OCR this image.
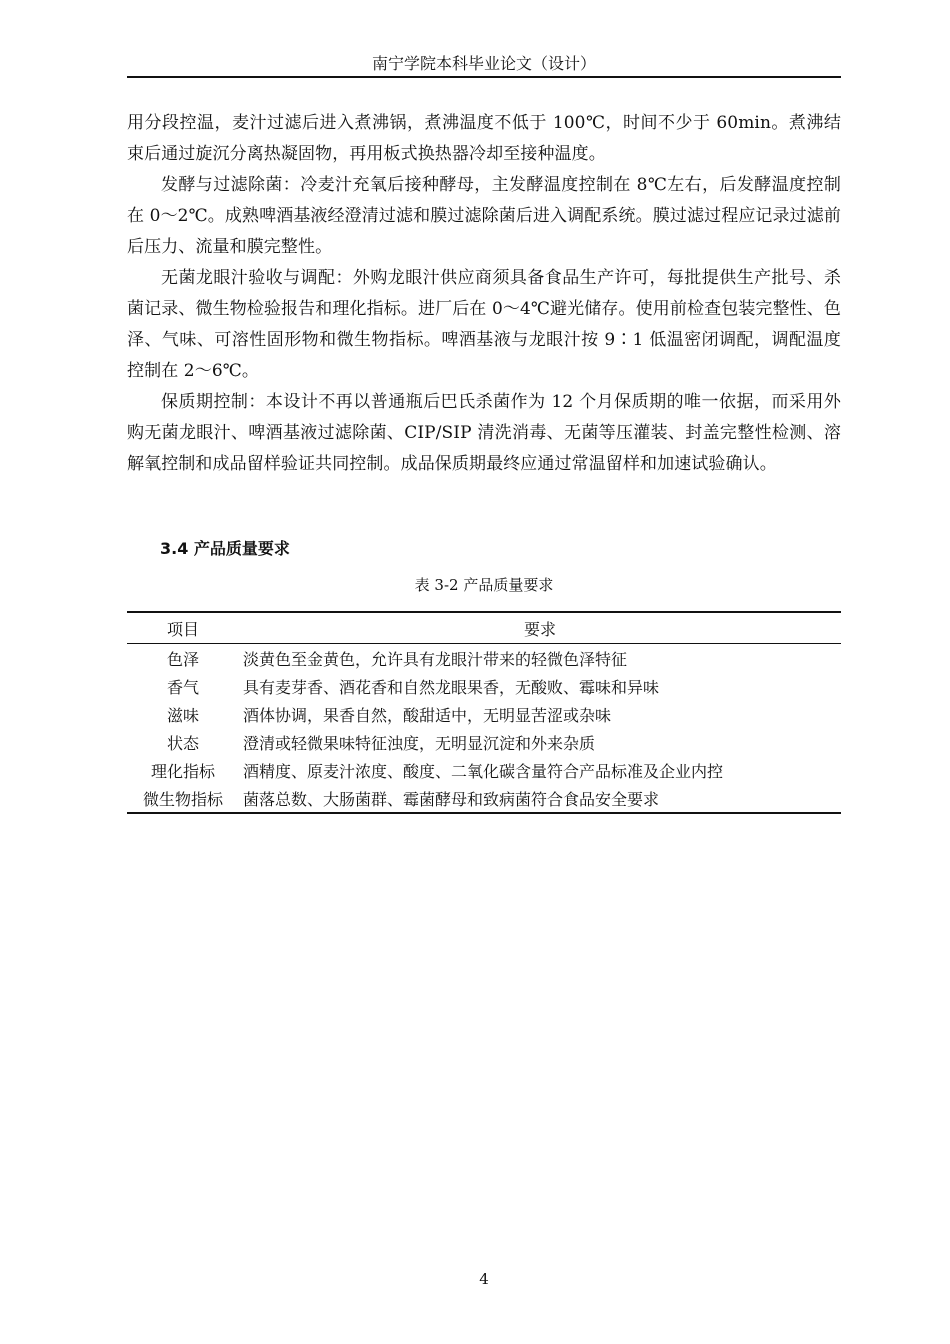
南宁学院本科毕业论文（设计）

用分段控温，麦汁过滤后进入煮沸锅，煮沸温度不低于 100℃，时间不少于 60min。煮沸结束后通过旋沉分离热凝固物，再用板式换热器冷却至接种温度。

发酵与过滤除菌：冷麦汁充氧后接种酵母，主发酵温度控制在 8℃左右，后发酵温度控制在 0～2℃。成熟啤酒基液经澄清过滤和膜过滤除菌后进入调配系统。膜过滤过程应记录过滤前后压力、流量和膜完整性。

无菌龙眼汁验收与调配：外购龙眼汁供应商须具备食品生产许可，每批提供生产批号、杀菌记录、微生物检验报告和理化指标。进厂后在 0～4℃避光储存。使用前检查包装完整性、色泽、气味、可溶性固形物和微生物指标。啤酒基液与龙眼汁按 9∶1 低温密闭调配，调配温度控制在 2～6℃。

保质期控制：本设计不再以普通瓶后巴氏杀菌作为 12 个月保质期的唯一依据，而采用外购无菌龙眼汁、啤酒基液过滤除菌、CIP/SIP 清洗消毒、无菌等压灌装、封盖完整性检测、溶解氧控制和成品留样验证共同控制。成品保质期最终应通过常温留样和加速试验确认。

3.4 产品质量要求
表 3-2 产品质量要求
项目	要求
色泽	淡黄色至金黄色，允许具有龙眼汁带来的轻微色泽特征
香气	具有麦芽香、酒花香和自然龙眼果香，无酸败、霉味和异味
滋味	酒体协调，果香自然，酸甜适中，无明显苦涩或杂味
状态	澄清或轻微果味特征浊度，无明显沉淀和外来杂质
理化指标	酒精度、原麦汁浓度、酸度、二氧化碳含量符合产品标准及企业内控
微生物指标	菌落总数、大肠菌群、霉菌酵母和致病菌符合食品安全要求
4
